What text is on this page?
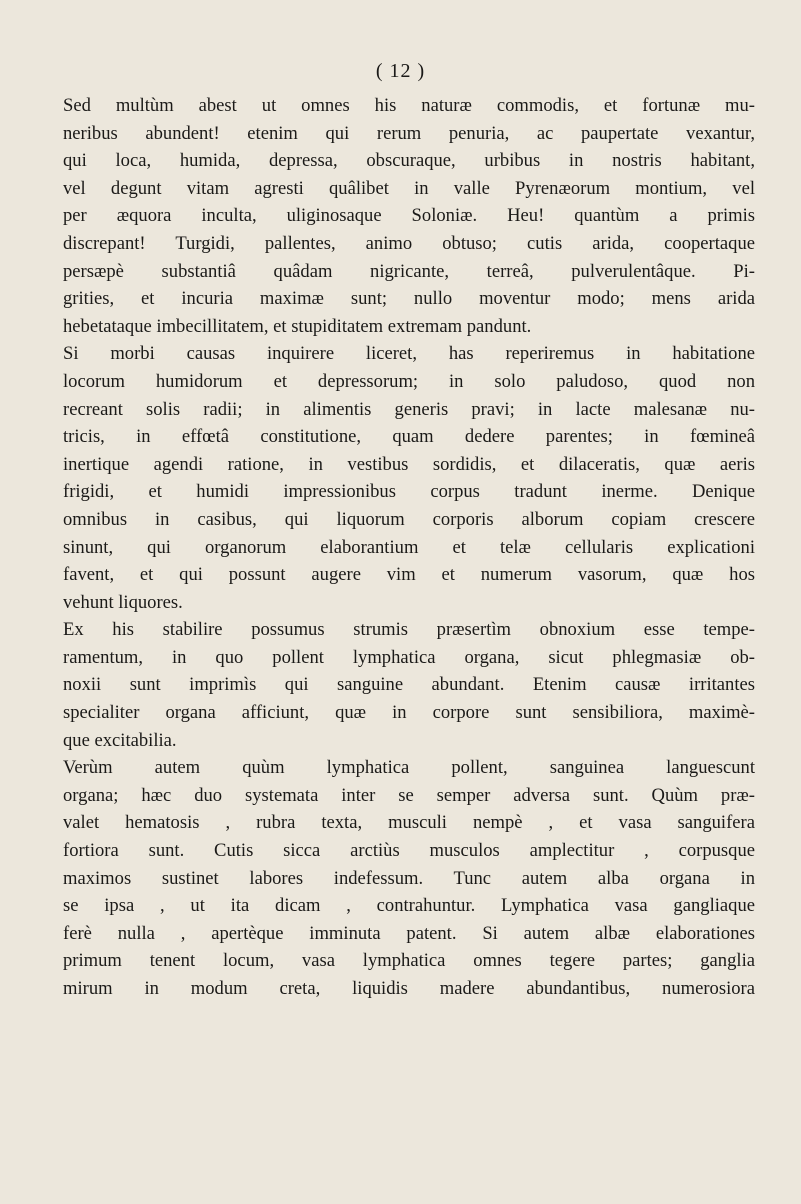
( 12 )
Sed multùm abest ut omnes his naturæ commodis, et fortunæ mu-
neribus abundent! etenim qui rerum penuria, ac paupertate vexantur,
qui loca, humida, depressa, obscuraque, urbibus in nostris habitant,
vel degunt vitam agresti quâlibet in valle Pyrenæorum montium, vel
per æquora inculta, uliginosaque Soloniæ. Heu! quantùm a primis
discrepant! Turgidi, pallentes, animo obtuso; cutis arida, coopertaque
persæpè substantiâ quâdam nigricante, terreâ, pulverulentâque. Pi-
grities, et incuria maximæ sunt; nullo moventur modo; mens arida
hebetataque imbecillitatem, et stupiditatem extremam pandunt.
Si morbi causas inquirere liceret, has reperiremus in habitatione
locorum humidorum et depressorum; in solo paludoso, quod non
recreant solis radii; in alimentis generis pravi; in lacte malesanæ nu-
tricis, in effœtâ constitutione, quam dedere parentes; in fœmineâ
inertique agendi ratione, in vestibus sordidis, et dilaceratis, quæ aeris
frigidi, et humidi impressionibus corpus tradunt inerme. Denique
omnibus in casibus, qui liquorum corporis alborum copiam crescere
sinunt, qui organorum elaborantium et telæ cellularis explicationi
favent, et qui possunt augere vim et numerum vasorum, quæ hos
vehunt liquores.
Ex his stabilire possumus strumis præsertìm obnoxium esse tempe-
ramentum, in quo pollent lymphatica organa, sicut phlegmasiæ ob-
noxii sunt imprimìs qui sanguine abundant. Etenim causæ irritantes
specialiter organa afficiunt, quæ in corpore sunt sensibiliora, maximè-
que excitabilia.
Verùm autem quùm lymphatica pollent, sanguinea languescunt
organa; hæc duo systemata inter se semper adversa sunt. Quùm præ-
valet hematosis , rubra texta, musculi nempè , et vasa sanguifera
fortiora sunt. Cutis sicca arctiùs musculos amplectitur , corpusque
maximos sustinet labores indefessum. Tunc autem alba organa in
se ipsa , ut ita dicam , contrahuntur. Lymphatica vasa gangliaque
ferè nulla , apertèque imminuta patent. Si autem albæ elaborationes
primum tenent locum, vasa lymphatica omnes tegere partes; ganglia
mirum in modum creta, liquidis madere abundantibus, numerosiora
